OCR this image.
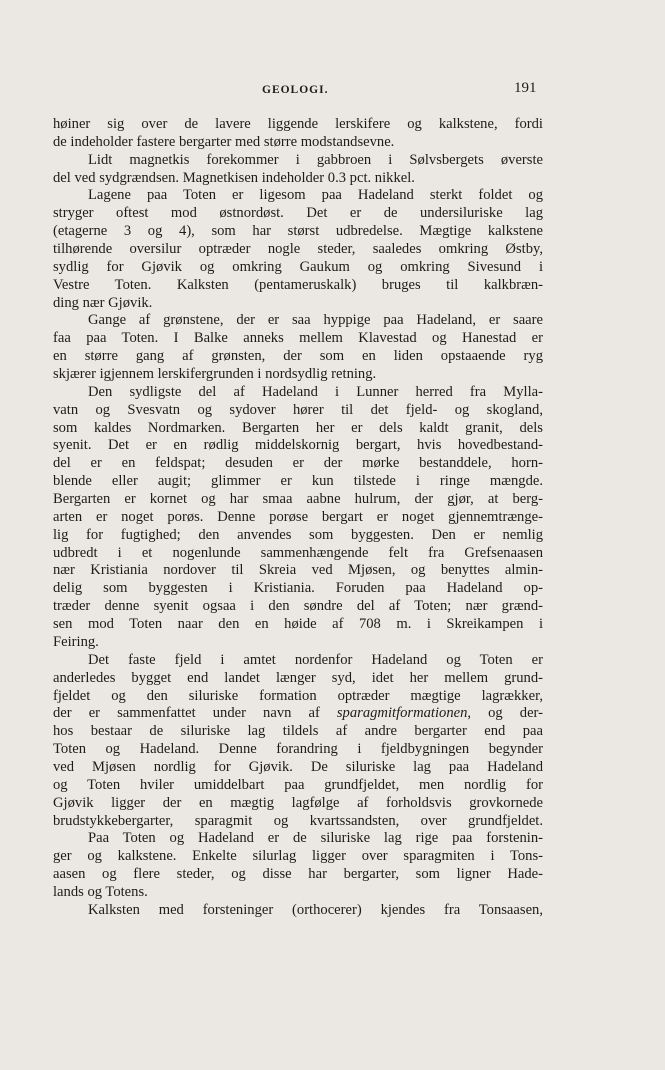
GEOLOGI.	191
høiner sig over de lavere liggende lerskifere og kalkstene, fordi
de indeholder fastere bergarter med større modstandsevne.
Lidt magnetkis forekommer i gabbroen i Sølvsbergets øverste
del ved sydgrændsen. Magnetkisen indeholder 0.3 pct. nikkel.
Lagene paa Toten er ligesom paa Hadeland sterkt foldet og
stryger oftest mod østnordøst. Det er de undersiluriske lag
(etagerne 3 og 4), som har størst udbredelse. Mægtige kalkstene
tilhørende oversilur optræder nogle steder, saaledes omkring Østby,
sydlig for Gjøvik og omkring Gaukum og omkring Sivesund i
Vestre Toten. Kalksten (pentameruskalk) bruges til kalkbræn-
ding nær Gjøvik.
Gange af grønstene, der er saa hyppige paa Hadeland, er saare
faa paa Toten. I Balke anneks mellem Klavestad og Hanestad er
en større gang af grønsten, der som en liden opstaaende ryg
skjærer igjennem lerskifergrunden i nordsydlig retning.
Den sydligste del af Hadeland i Lunner herred fra Mylla-
vatn og Svesvatn og sydover hører til det fjeld- og skogland,
som kaldes Nordmarken. Bergarten her er dels kaldt granit, dels
syenit. Det er en rødlig middelskornig bergart, hvis hovedbestand-
del er en feldspat; desuden er der mørke bestanddele, horn-
blende eller augit; glimmer er kun tilstede i ringe mængde.
Bergarten er kornet og har smaa aabne hulrum, der gjør, at berg-
arten er noget porøs. Denne porøse bergart er noget gjennemtrænge-
lig for fugtighed; den anvendes som byggesten. Den er nemlig
udbredt i et nogenlunde sammenhængende felt fra Grefsenaasen
nær Kristiania nordover til Skreia ved Mjøsen, og benyttes almin-
delig som byggesten i Kristiania. Foruden paa Hadeland op-
træder denne syenit ogsaa i den søndre del af Toten; nær grænd-
sen mod Toten naar den en høide af 708 m. i Skreikampen i
Feiring.
Det faste fjeld i amtet nordenfor Hadeland og Toten er
anderledes bygget end landet længer syd, idet her mellem grund-
fjeldet og den siluriske formation optræder mægtige lagrækker,
der er sammenfattet under navn af sparagmitformationen, og der-
hos bestaar de siluriske lag tildels af andre bergarter end paa
Toten og Hadeland. Denne forandring i fjeldbygningen begynder
ved Mjøsen nordlig for Gjøvik. De siluriske lag paa Hadeland
og Toten hviler umiddelbart paa grundfjeldet, men nordlig for
Gjøvik ligger der en mægtig lagfølge af forholdsvis grovkornede
brudstykkebergarter, sparagmit og kvartssandsten, over grundfjeldet.
Paa Toten og Hadeland er de siluriske lag rige paa forstenin-
ger og kalkstene. Enkelte silurlag ligger over sparagmiten i Tons-
aasen og flere steder, og disse har bergarter, som ligner Hade-
lands og Totens.
Kalksten med forsteninger (orthocerer) kjendes fra Tonsaasen,
